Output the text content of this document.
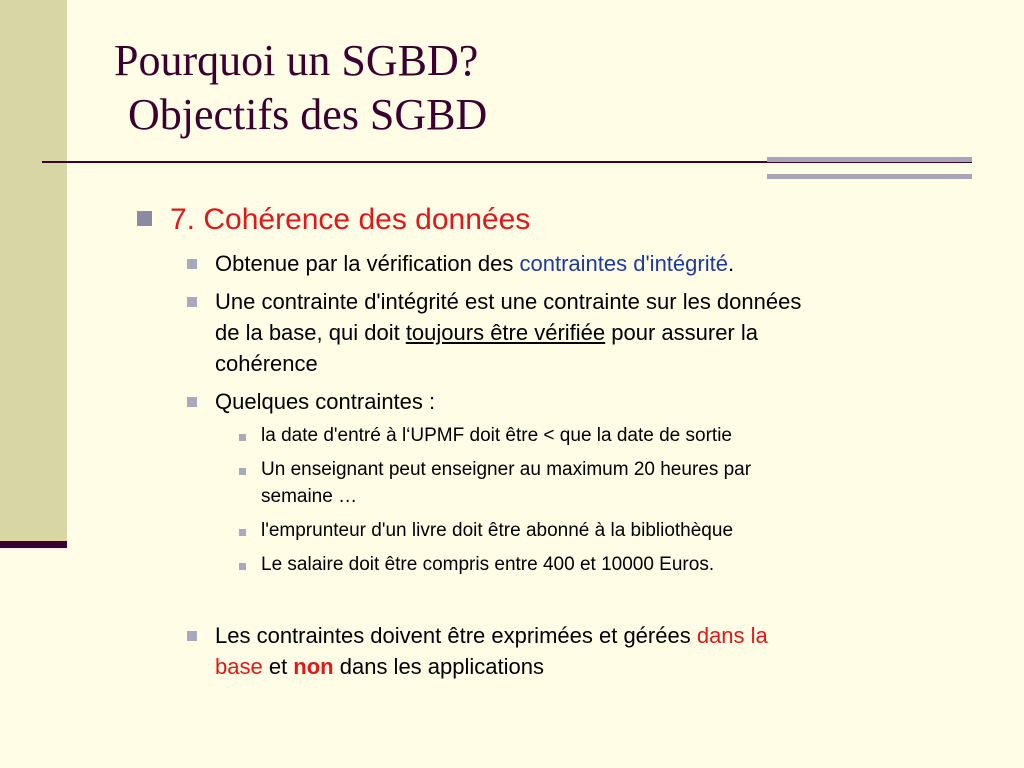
Pourquoi un SGBD?
Objectifs des SGBD
7. Cohérence des données
Obtenue par la vérification des contraintes d'intégrité.
Une contrainte d'intégrité est une contrainte sur les données
de la base, qui doit toujours être vérifiée pour assurer la
cohérence
Quelques contraintes :
la date d'entré à l‘UPMF doit être < que la date de sortie
Un enseignant peut enseigner au maximum 20 heures par
semaine …
l'emprunteur d'un livre doit être abonné à la bibliothèque
Le salaire doit être compris entre 400 et 10000 Euros.
Les contraintes doivent être exprimées et gérées dans la
base et non dans les applications
